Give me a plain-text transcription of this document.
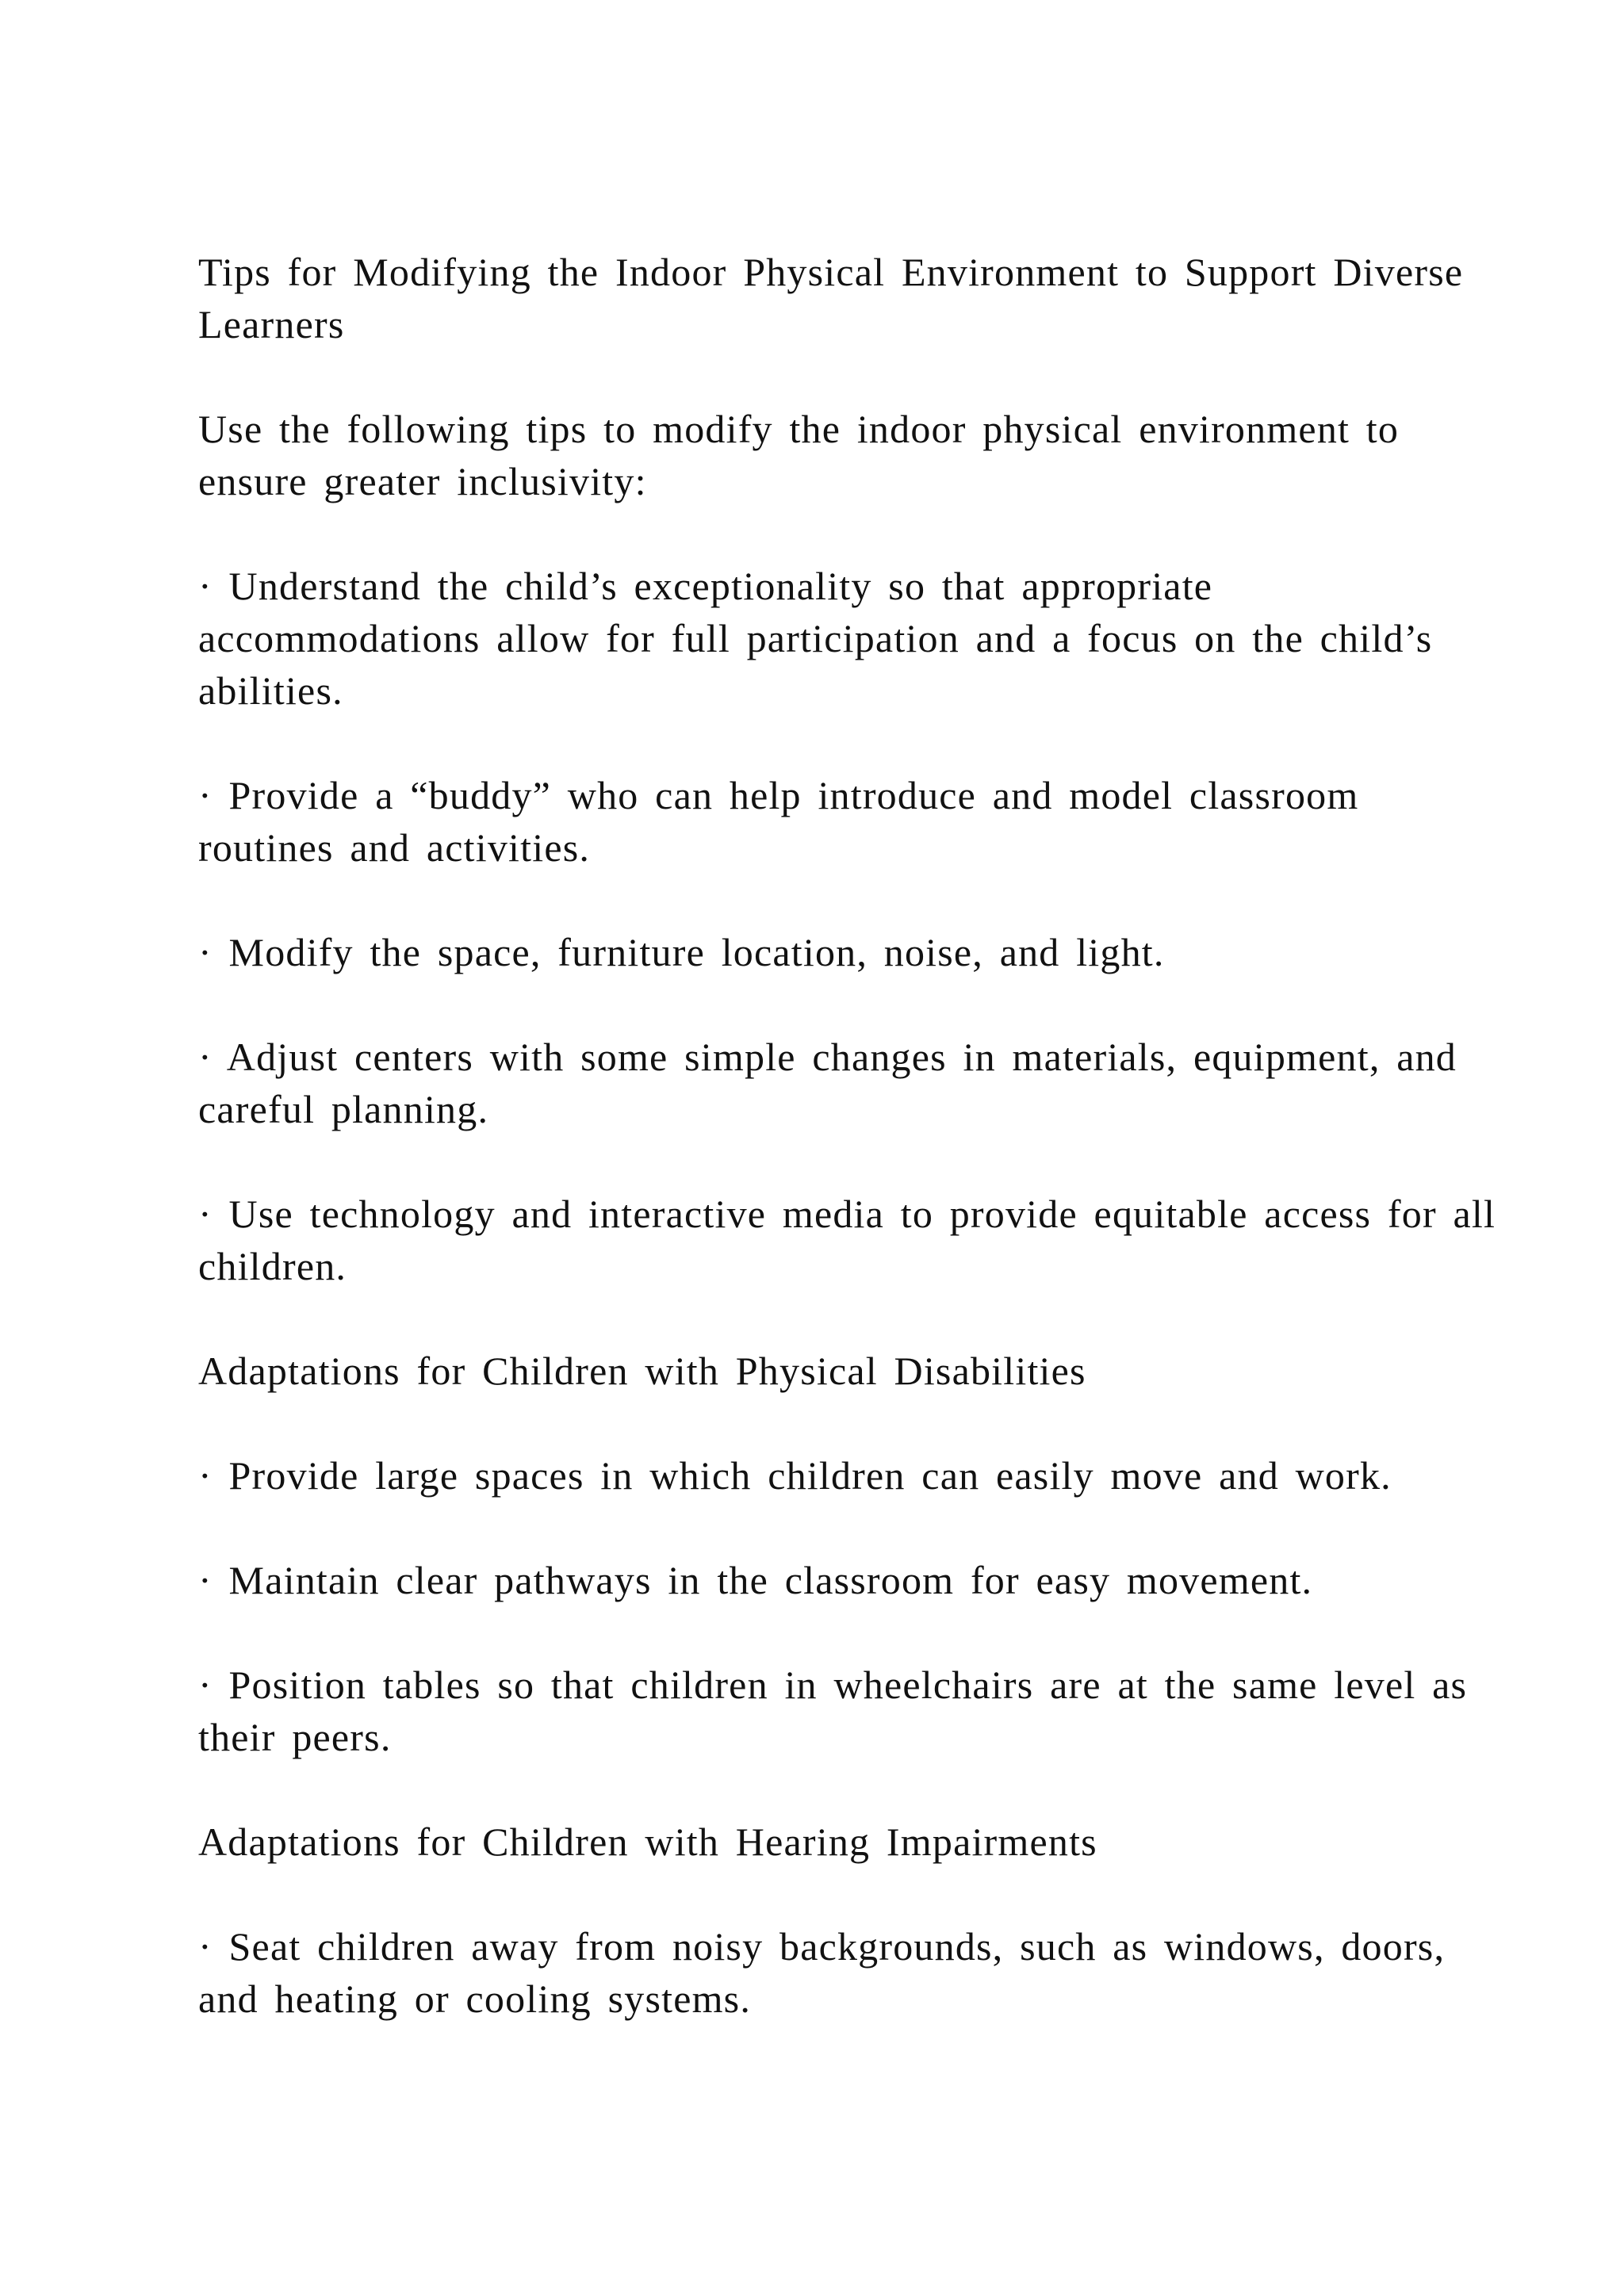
Tips for Modifying the Indoor Physical Environment to Support Diverse Learners

Use the following tips to modify the indoor physical environment to ensure greater inclusivity:

· Understand the child’s exceptionality so that appropriate accommodations allow for full participation and a focus on the child’s abilities.

· Provide a “buddy” who can help introduce and model classroom routines and activities.

· Modify the space, furniture location, noise, and light.

· Adjust centers with some simple changes in materials, equipment, and careful planning.

· Use technology and interactive media to provide equitable access for all children.

Adaptations for Children with Physical Disabilities

· Provide large spaces in which children can easily move and work.

· Maintain clear pathways in the classroom for easy movement.

· Position tables so that children in wheelchairs are at the same level as their peers.

Adaptations for Children with Hearing Impairments

· Seat children away from noisy backgrounds, such as windows, doors, and heating or cooling systems.
